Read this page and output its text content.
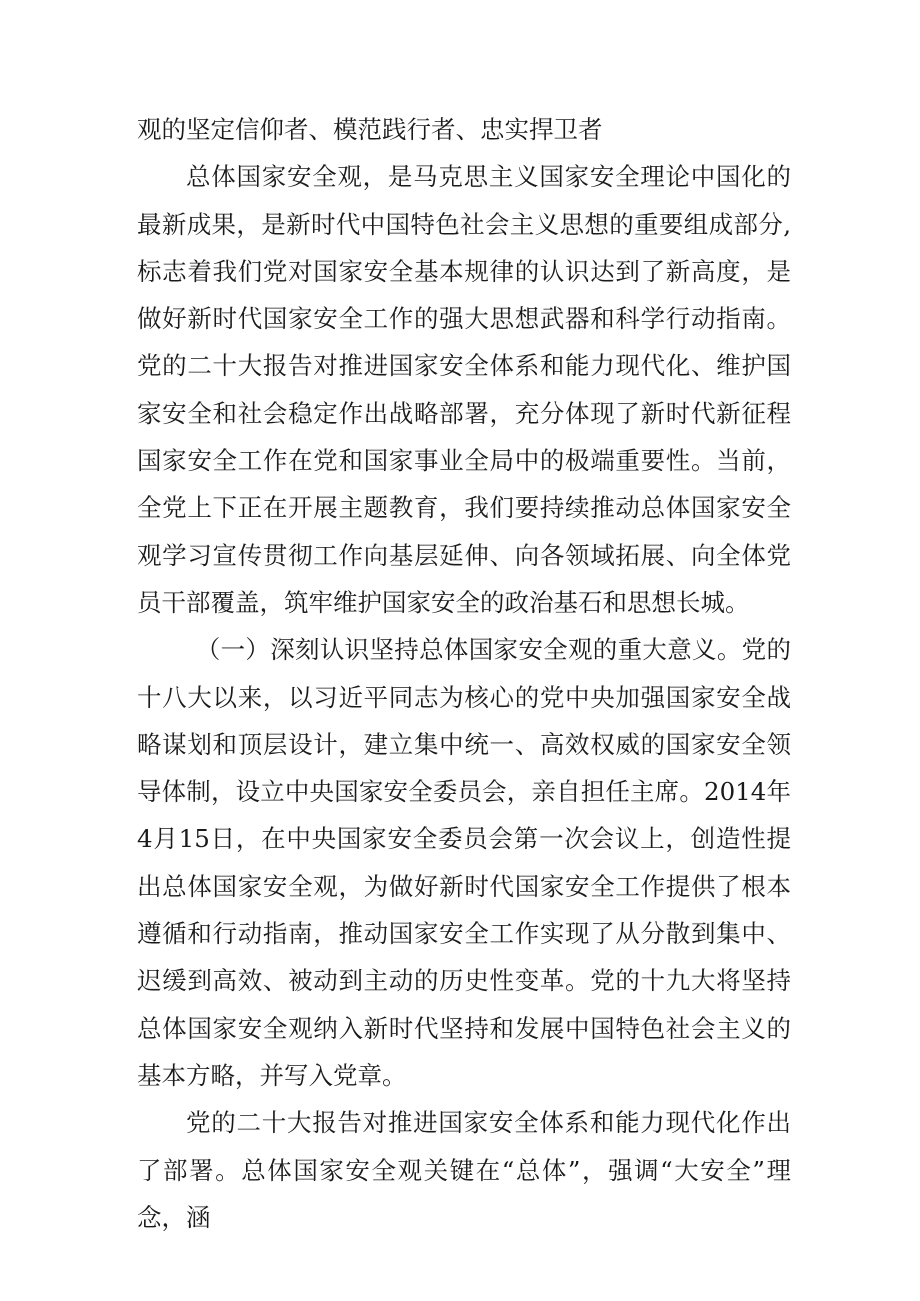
观的坚定信仰者、模范践行者、忠实捍卫者

总体国家安全观，是马克思主义国家安全理论中国化的最新成果，是新时代中国特色社会主义思想的重要组成部分,标志着我们党对国家安全基本规律的认识达到了新高度，是做好新时代国家安全工作的强大思想武器和科学行动指南。党的二十大报告对推进国家安全体系和能力现代化、维护国家安全和社会稳定作出战略部署，充分体现了新时代新征程国家安全工作在党和国家事业全局中的极端重要性。当前，全党上下正在开展主题教育，我们要持续推动总体国家安全观学习宣传贯彻工作向基层延伸、向各领域拓展、向全体党员干部覆盖，筑牢维护国家安全的政治基石和思想长城。

（一）深刻认识坚持总体国家安全观的重大意义。党的十八大以来，以习近平同志为核心的党中央加强国家安全战略谋划和顶层设计，建立集中统一、高效权威的国家安全领导体制，设立中央国家安全委员会，亲自担任主席。2014年4月15日，在中央国家安全委员会第一次会议上，创造性提出总体国家安全观，为做好新时代国家安全工作提供了根本遵循和行动指南，推动国家安全工作实现了从分散到集中、迟缓到高效、被动到主动的历史性变革。党的十九大将坚持总体国家安全观纳入新时代坚持和发展中国特色社会主义的基本方略，并写入党章。

党的二十大报告对推进国家安全体系和能力现代化作出了部署。总体国家安全观关键在“总体”，强调“大安全”理念，涵
